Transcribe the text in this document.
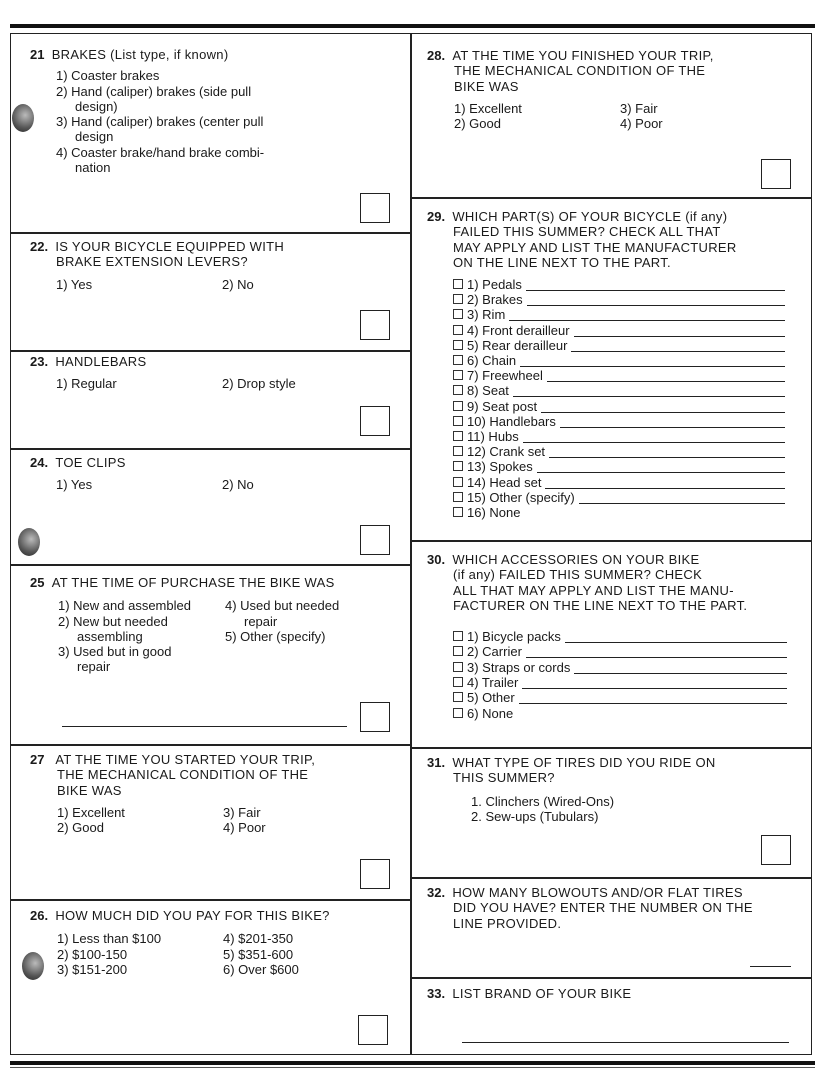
21 BRAKES (List type, if known)
1) Coaster brakes
2) Hand (caliper) brakes (side pull
design)
3) Hand (caliper) brakes (center pull
design
4) Coaster brake/hand brake combi-
nation
22. IS YOUR BICYCLE EQUIPPED WITH
BRAKE EXTENSION LEVERS?
1) Yes	2) No
23. HANDLEBARS
1) Regular	2) Drop style
24. TOE CLIPS
1) Yes	2) No
25 AT THE TIME OF PURCHASE THE BIKE WAS
1) New and assembled
2) New but needed
assembling
3) Used but in good
repair
4) Used but needed
repair
5) Other (specify)
27 AT THE TIME YOU STARTED YOUR TRIP,
THE MECHANICAL CONDITION OF THE
BIKE WAS
1) Excellent
2) Good
3) Fair
4) Poor
26. HOW MUCH DID YOU PAY FOR THIS BIKE?
1) Less than $100
2) $100-150
3) $151-200
4) $201-350
5) $351-600
6) Over $600
28. AT THE TIME YOU FINISHED YOUR TRIP,
THE MECHANICAL CONDITION OF THE
BIKE WAS
1) Excellent
2) Good
3) Fair
4) Poor
29. WHICH PART(S) OF YOUR BICYCLE (if any)
FAILED THIS SUMMER? CHECK ALL THAT
MAY APPLY AND LIST THE MANUFACTURER
ON THE LINE NEXT TO THE PART.
1) Pedals
2) Brakes
3) Rim
4) Front derailleur
5) Rear derailleur
6) Chain
7) Freewheel
8) Seat
9) Seat post
10) Handlebars
11) Hubs
12) Crank set
13) Spokes
14) Head set
15) Other (specify)
16) None
30. WHICH ACCESSORIES ON YOUR BIKE
(if any) FAILED THIS SUMMER? CHECK
ALL THAT MAY APPLY AND LIST THE MANU-
FACTURER ON THE LINE NEXT TO THE PART.
1) Bicycle packs
2) Carrier
3) Straps or cords
4) Trailer
5) Other
6) None
31. WHAT TYPE OF TIRES DID YOU RIDE ON
THIS SUMMER?
1. Clinchers (Wired-Ons)
2. Sew-ups (Tubulars)
32. HOW MANY BLOWOUTS AND/OR FLAT TIRES
DID YOU HAVE? ENTER THE NUMBER ON THE
LINE PROVIDED.
33. LIST BRAND OF YOUR BIKE
